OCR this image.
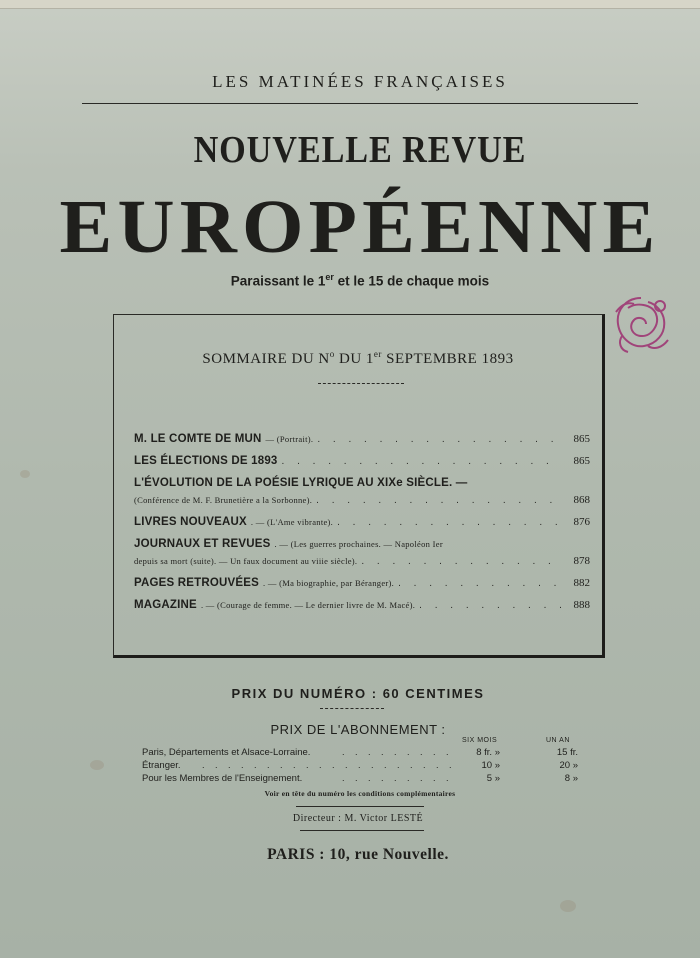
LES MATINÉES FRANÇAISES
NOUVELLE REVUE
EUROPÉENNE
Paraissant le 1er et le 15 de chaque mois
SOMMAIRE DU $N^o$ DU 1er SEPTEMBRE 1893
M. LE COMTE DE MUN — (Portrait). . . .	865
LES ÉLECTIONS DE 1893 . . .	865
L'ÉVOLUTION DE LA POÉSIE LYRIQUE AU XIXe SIÈCLE. —
(Conférence de M. F. Brunetière a la Sorbonne). . . .	868
LIVRES NOUVEAUX . — (L'Ame vibrante). . . .	876
JOURNAUX ET REVUES . — (Les guerres prochaines. — Napoléon Ier
depuis sa mort (suite). — Un faux document au viiie siècle). . . .	878
PAGES RETROUVÉES . — (Ma biographie, par Béranger). . . .	882
MAGAZINE . — (Courage de femme. — Le dernier livre de M. Macé). . . .	888
PRIX DU NUMÉRO : 60 CENTIMES
PRIX DE L'ABONNEMENT :
SIX MOIS	UN AN
Paris, Départements et Alsace-Lorraine. . . .	8 fr. »	15 fr.
Étranger. . . .	10 »	20 »
Pour les Membres de l'Enseignement. . . .	5 »	8 »
Voir en tête du numéro les conditions complémentaires
Directeur : M. Victor LESTÉ
PARIS : 10, rue Nouvelle.
